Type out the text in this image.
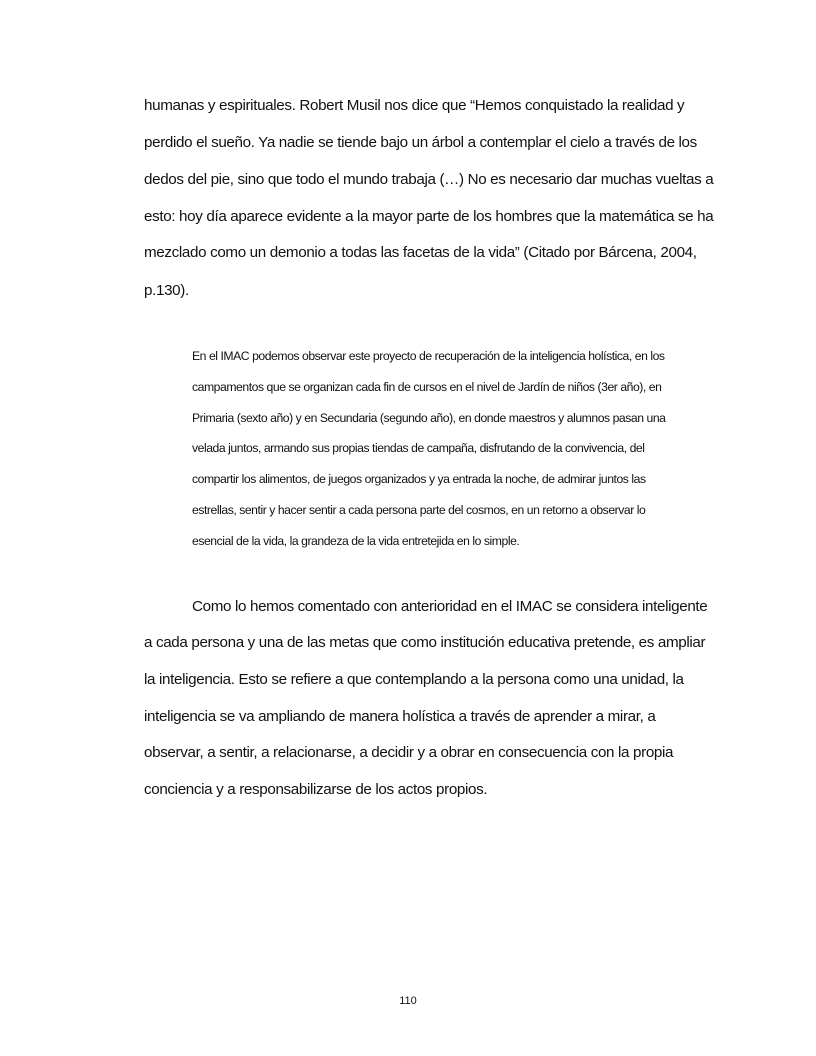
humanas y espirituales. Robert Musil nos dice que “Hemos conquistado la realidad y
perdido el sueño. Ya nadie se tiende bajo un árbol a contemplar el cielo a través de los
dedos del pie, sino que todo el mundo trabaja (…) No es necesario dar muchas vueltas a
esto: hoy día aparece evidente a la mayor parte de los hombres que la matemática se ha
mezclado como un demonio a todas las facetas de la vida” (Citado por Bárcena, 2004,
p.130).
En el IMAC podemos observar este proyecto de recuperación de la inteligencia holística, en los
campamentos que se organizan cada fin de cursos en el nivel de Jardín de niños (3er año), en
Primaria (sexto año) y en Secundaria (segundo año), en donde maestros y alumnos pasan una
velada juntos, armando sus propias tiendas de campaña, disfrutando de la convivencia, del
compartir los alimentos, de juegos organizados y ya entrada la noche, de admirar juntos las
estrellas, sentir y hacer sentir a cada persona parte del cosmos, en un retorno a observar lo
esencial de la vida, la grandeza de la vida entretejida en lo simple.
Como lo hemos comentado con anterioridad en el IMAC se considera inteligente
a cada persona y una de las metas que como institución educativa pretende, es ampliar
la inteligencia. Esto se refiere a que contemplando a la persona como una unidad, la
inteligencia se va ampliando de manera holística a través de aprender a mirar, a
observar, a sentir, a relacionarse, a decidir y a obrar en consecuencia con la propia
conciencia y a responsabilizarse de los actos propios.
110
